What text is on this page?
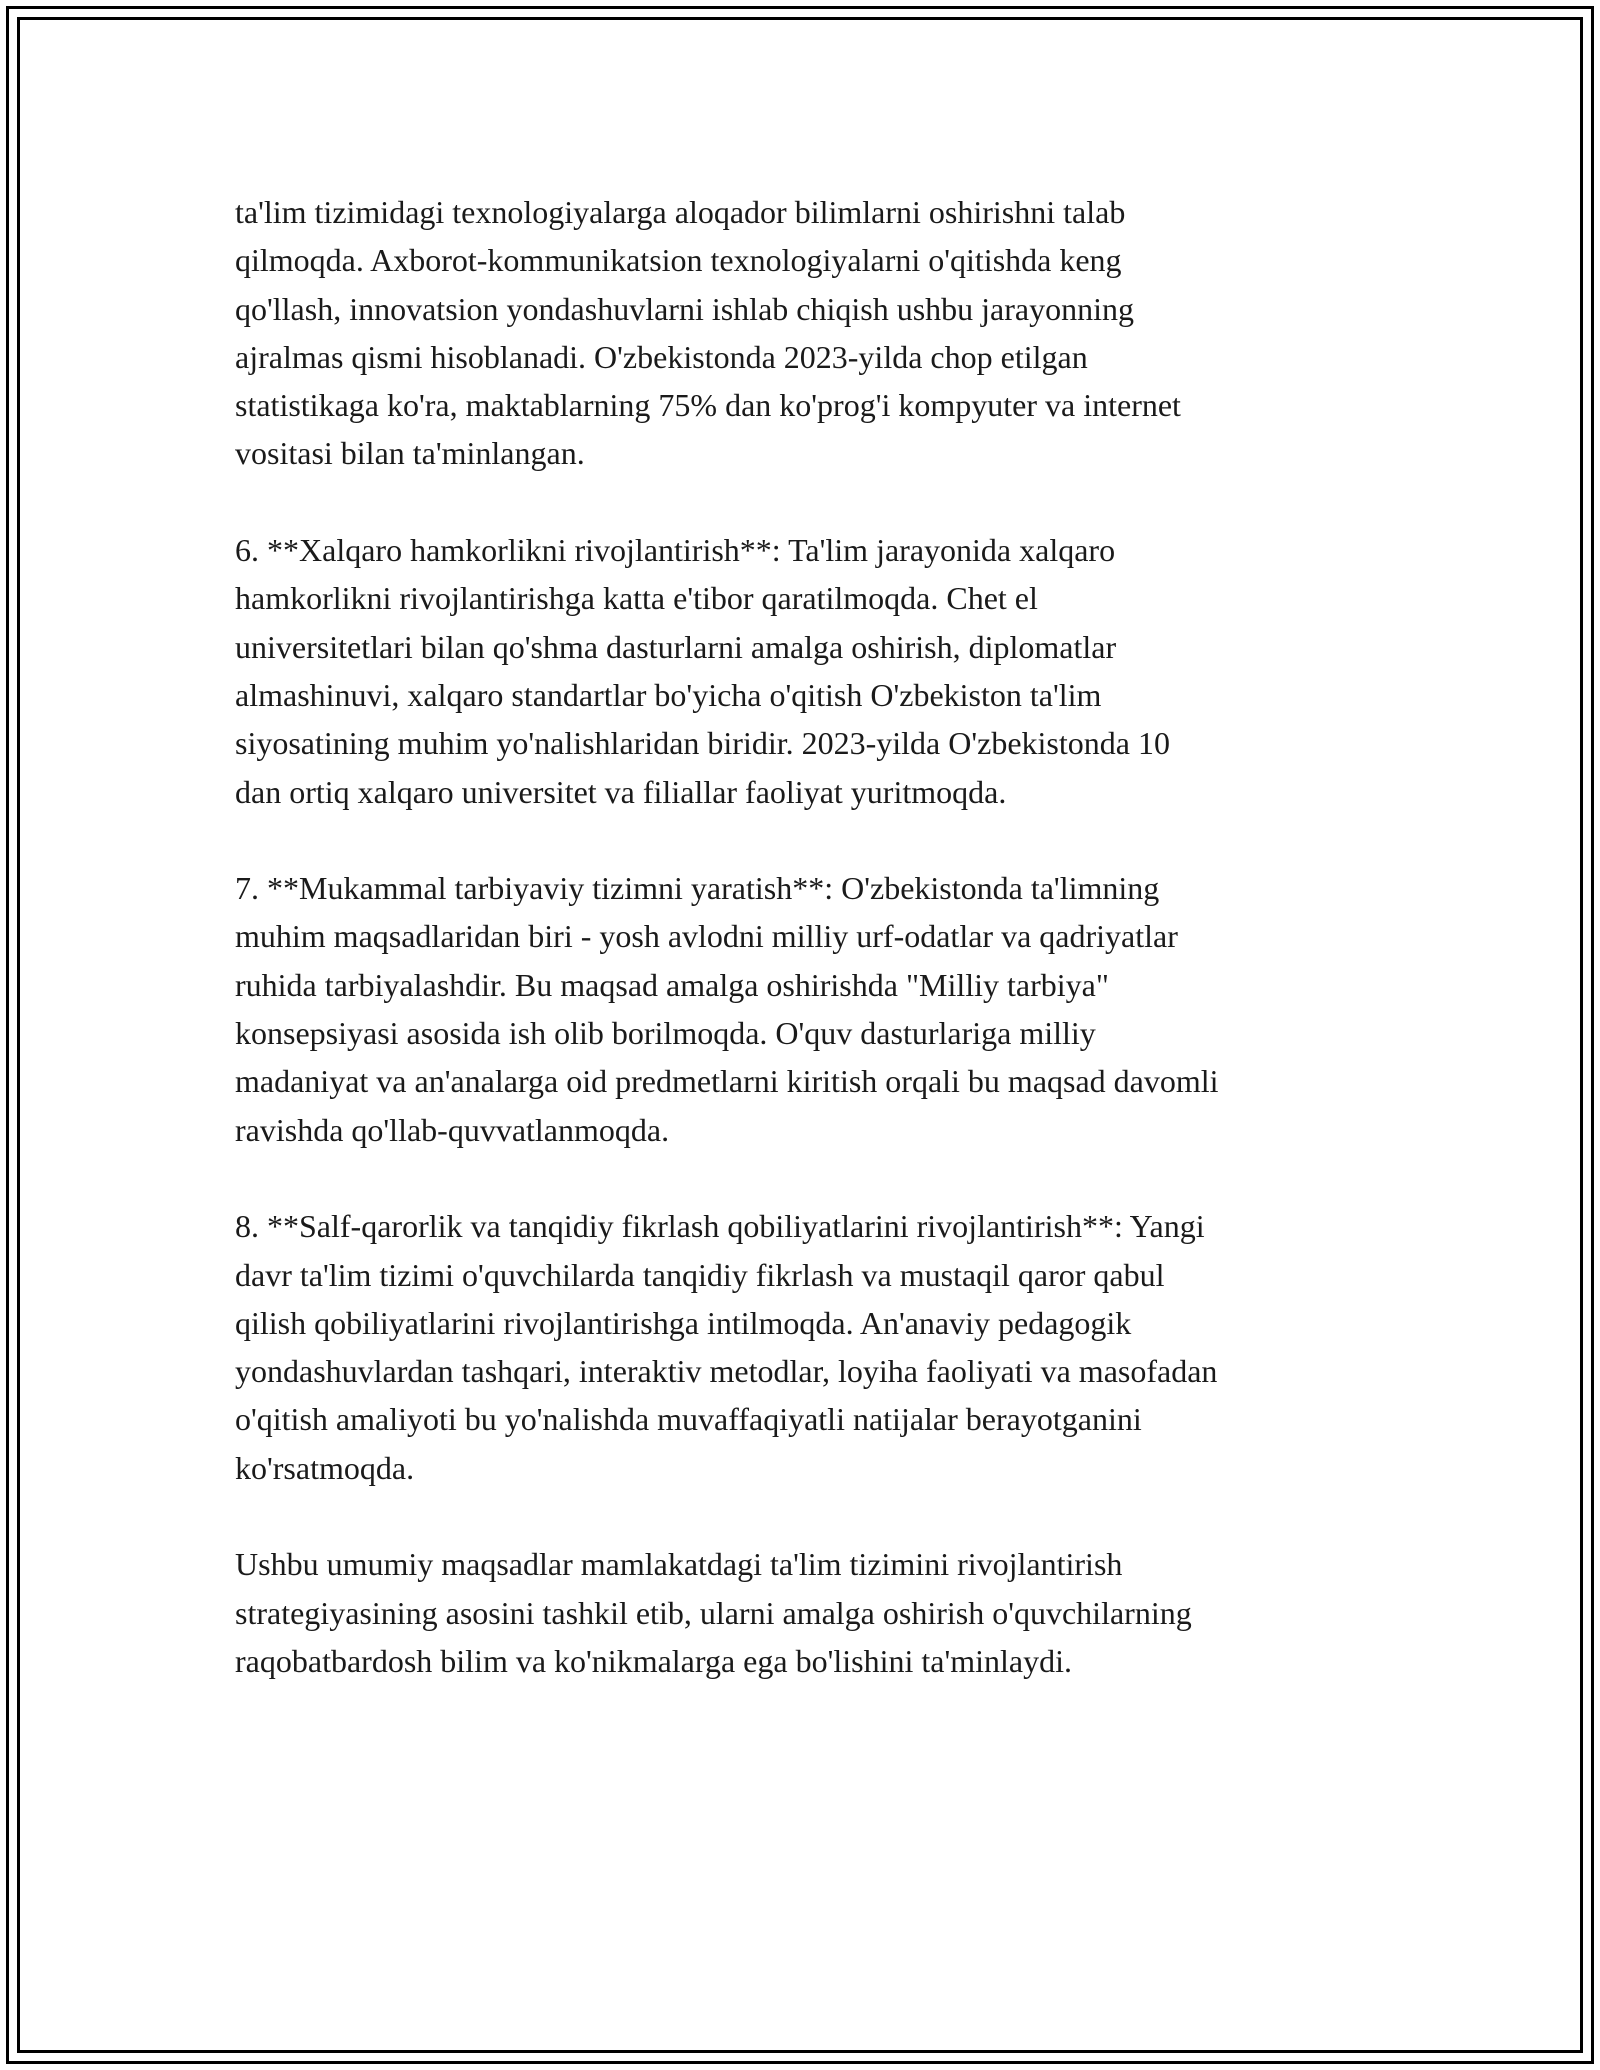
ta'lim tizimidagi texnologiyalarga aloqador bilimlarni oshirishni talab
qilmoqda. Axborot-kommunikatsion texnologiyalarni o'qitishda keng
qo'llash, innovatsion yondashuvlarni ishlab chiqish ushbu jarayonning
ajralmas qismi hisoblanadi. O'zbekistonda 2023-yilda chop etilgan
statistikaga ko'ra, maktablarning 75% dan ko'prog'i kompyuter va internet
vositasi bilan ta'minlangan.

6. **Xalqaro hamkorlikni rivojlantirish**: Ta'lim jarayonida xalqaro
hamkorlikni rivojlantirishga katta e'tibor qaratilmoqda. Chet el
universitetlari bilan qo'shma dasturlarni amalga oshirish, diplomatlar
almashinuvi, xalqaro standartlar bo'yicha o'qitish O'zbekiston ta'lim
siyosatining muhim yo'nalishlaridan biridir. 2023-yilda O'zbekistonda 10
dan ortiq xalqaro universitet va filiallar faoliyat yuritmoqda.

7. **Mukammal tarbiyaviy tizimni yaratish**: O'zbekistonda ta'limning
muhim maqsadlaridan biri - yosh avlodni milliy urf-odatlar va qadriyatlar
ruhida tarbiyalashdir. Bu maqsad amalga oshirishda "Milliy tarbiya"
konsepsiyasi asosida ish olib borilmoqda. O'quv dasturlariga milliy
madaniyat va an'analarga oid predmetlarni kiritish orqali bu maqsad davomli
ravishda qo'llab-quvvatlanmoqda.

8. **Salf-qarorlik va tanqidiy fikrlash qobiliyatlarini rivojlantirish**: Yangi
davr ta'lim tizimi o'quvchilarda tanqidiy fikrlash va mustaqil qaror qabul
qilish qobiliyatlarini rivojlantirishga intilmoqda. An'anaviy pedagogik
yondashuvlardan tashqari, interaktiv metodlar, loyiha faoliyati va masofadan
o'qitish amaliyoti bu yo'nalishda muvaffaqiyatli natijalar berayotganini
ko'rsatmoqda.

Ushbu umumiy maqsadlar mamlakatdagi ta'lim tizimini rivojlantirish
strategiyasining asosini tashkil etib, ularni amalga oshirish o'quvchilarning
raqobatbardosh bilim va ko'nikmalarga ega bo'lishini ta'minlaydi.
